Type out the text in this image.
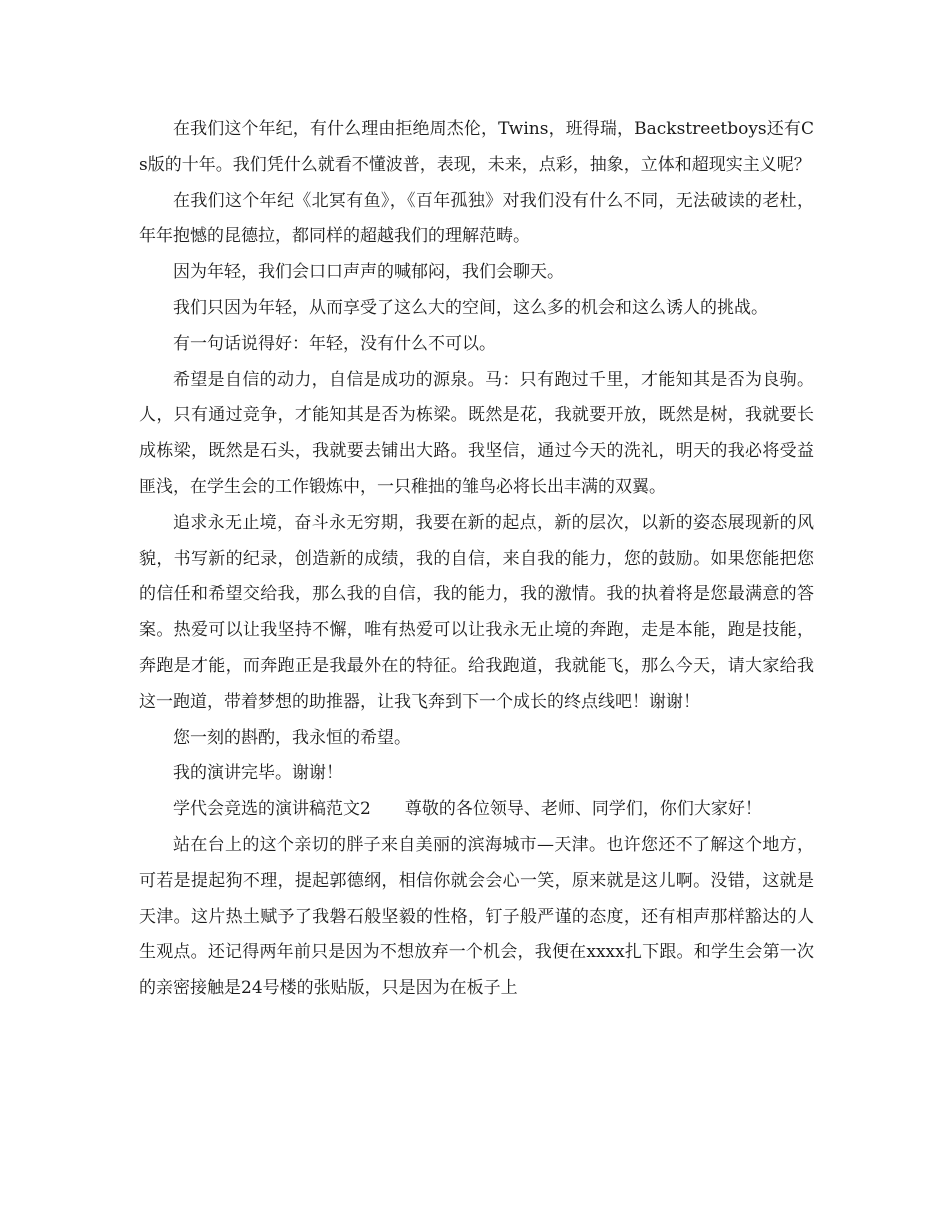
在我们这个年纪，有什么理由拒绝周杰伦，Twins，班得瑞，Backstreetboys还有Cs版的十年。我们凭什么就看不懂波普，表现，未来，点彩，抽象，立体和超现实主义呢？

在我们这个年纪《北冥有鱼》，《百年孤独》对我们没有什么不同，无法破读的老杜，年年抱憾的昆德拉，都同样的超越我们的理解范畴。

因为年轻，我们会口口声声的喊郁闷，我们会聊天。

我们只因为年轻，从而享受了这么大的空间，这么多的机会和这么诱人的挑战。

有一句话说得好：年轻，没有什么不可以。

希望是自信的动力，自信是成功的源泉。马：只有跑过千里，才能知其是否为良驹。人，只有通过竞争，才能知其是否为栋梁。既然是花，我就要开放，既然是树，我就要长成栋梁，既然是石头，我就要去铺出大路。我坚信，通过今天的洗礼，明天的我必将受益匪浅，在学生会的工作锻炼中，一只稚拙的雏鸟必将长出丰满的双翼。

追求永无止境，奋斗永无穷期，我要在新的起点，新的层次，以新的姿态展现新的风貌，书写新的纪录，创造新的成绩，我的自信，来自我的能力，您的鼓励。如果您能把您的信任和希望交给我，那么我的自信，我的能力，我的激情。我的执着将是您最满意的答案。热爱可以让我坚持不懈，唯有热爱可以让我永无止境的奔跑，走是本能，跑是技能，奔跑是才能，而奔跑正是我最外在的特征。给我跑道，我就能飞，那么今天，请大家给我这一跑道，带着梦想的助推器，让我飞奔到下一个成长的终点线吧！谢谢！

您一刻的斟酌，我永恒的希望。

我的演讲完毕。谢谢！

学代会竞选的演讲稿范文2　　尊敬的各位领导、老师、同学们，你们大家好！

站在台上的这个亲切的胖子来自美丽的滨海城市—天津。也许您还不了解这个地方，可若是提起狗不理，提起郭德纲，相信你就会会心一笑，原来就是这儿啊。没错，这就是天津。这片热土赋予了我磐石般坚毅的性格，钉子般严谨的态度，还有相声那样豁达的人生观点。还记得两年前只是因为不想放弃一个机会，我便在xxxx扎下跟。和学生会第一次的亲密接触是24号楼的张贴版，只是因为在板子上
